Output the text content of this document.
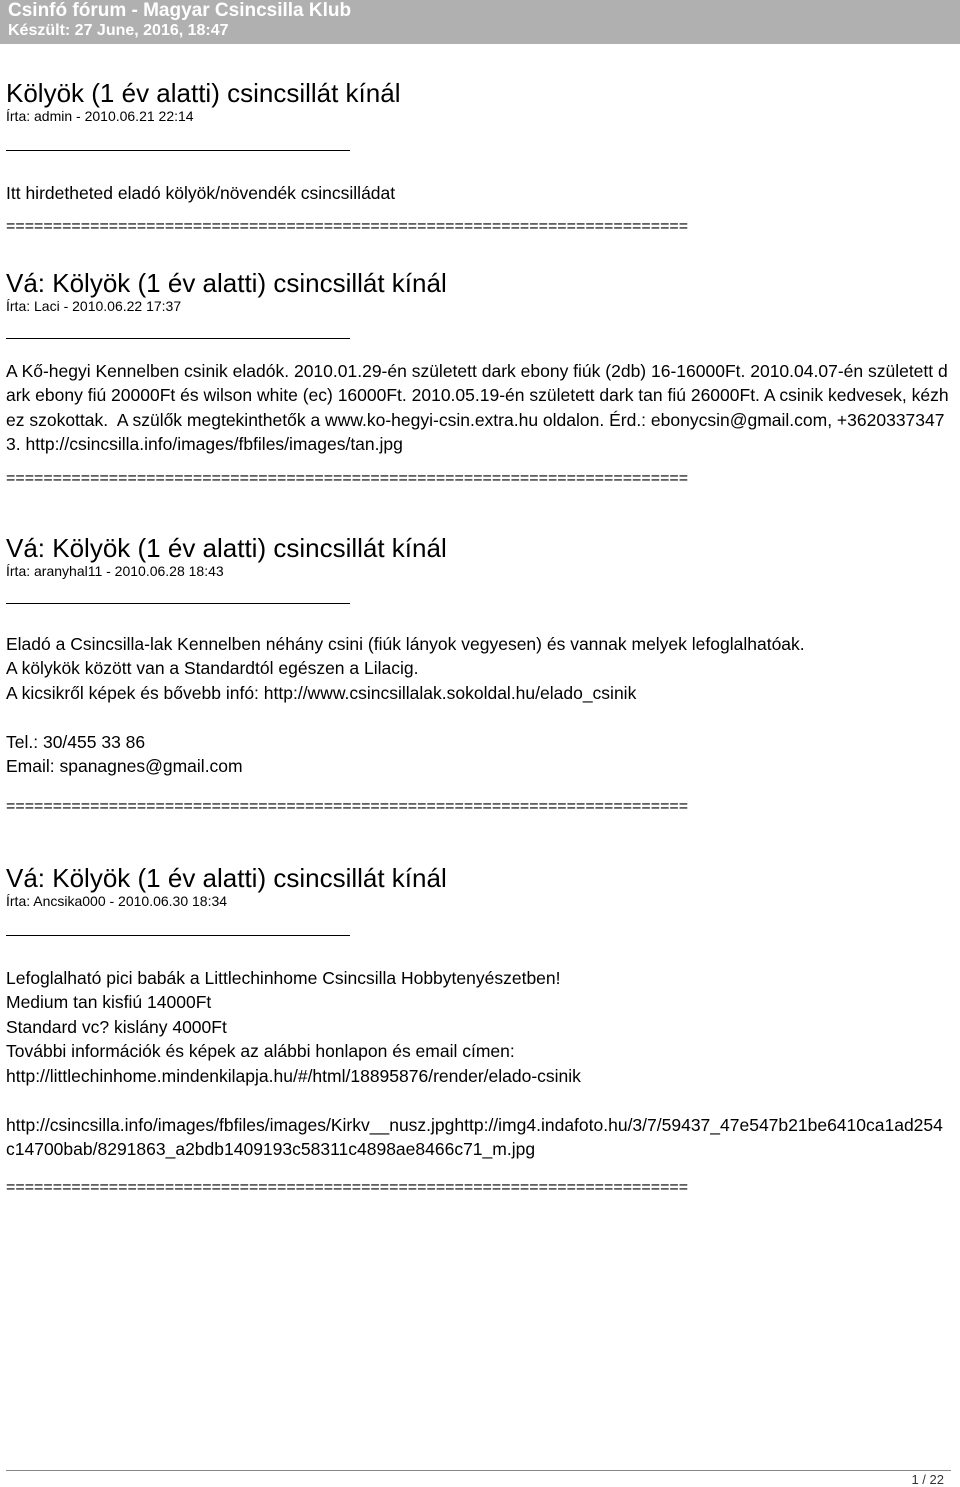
Csinfó fórum - Magyar Csincsilla Klub
Készült: 27 June, 2016, 18:47
Kölyök (1 év alatti) csincsillát kínál
Írta: admin - 2010.06.21 22:14
Itt hirdetheted eladó kölyök/növendék csincsilládat
=========================================================================
Vá: Kölyök (1 év alatti) csincsillát kínál
Írta: Laci - 2010.06.22 17:37
A Kő-hegyi Kennelben csinik eladók. 2010.01.29-én született dark ebony fiúk (2db) 16-16000Ft. 2010.04.07-én született dark ebony fiú 20000Ft és wilson white (ec) 16000Ft. 2010.05.19-én született dark tan fiú 26000Ft. A csinik kedvesek, kézhez szokottak.  A szülők megtekinthetők a www.ko-hegyi-csin.extra.hu oldalon. Érd.: ebonycsin@gmail.com, +36203373473. http://csincsilla.info/images/fbfiles/images/tan.jpg
=========================================================================
Vá: Kölyök (1 év alatti) csincsillát kínál
Írta: aranyhal11 - 2010.06.28 18:43
Eladó a Csincsilla-lak Kennelben néhány csini (fiúk lányok vegyesen) és vannak melyek lefoglalhatóak.
A kölykök között van a Standardtól egészen a Lilacig.
A kicsikről képek és bővebb infó: http://www.csincsillalak.sokoldal.hu/elado_csinik

Tel.: 30/455 33 86
Email: spanagnes@gmail.com
=========================================================================
Vá: Kölyök (1 év alatti) csincsillát kínál
Írta: Ancsika000 - 2010.06.30 18:34
Lefoglalható pici babák a Littlechinhome Csincsilla Hobbytenyészetben!
Medium tan kisfiú 14000Ft
Standard vc? kislány 4000Ft
További információk és képek az alábbi honlapon és email címen:
http://littlechinhome.mindenkilapja.hu/#/html/18895876/render/elado-csinik

http://csincsilla.info/images/fbfiles/images/Kirkv__nusz.jpghttp://img4.indafoto.hu/3/7/59437_47e547b21be6410ca1ad254c14700bab/8291863_a2bdb1409193c58311c4898ae8466c71_m.jpg
=========================================================================
1 / 22
